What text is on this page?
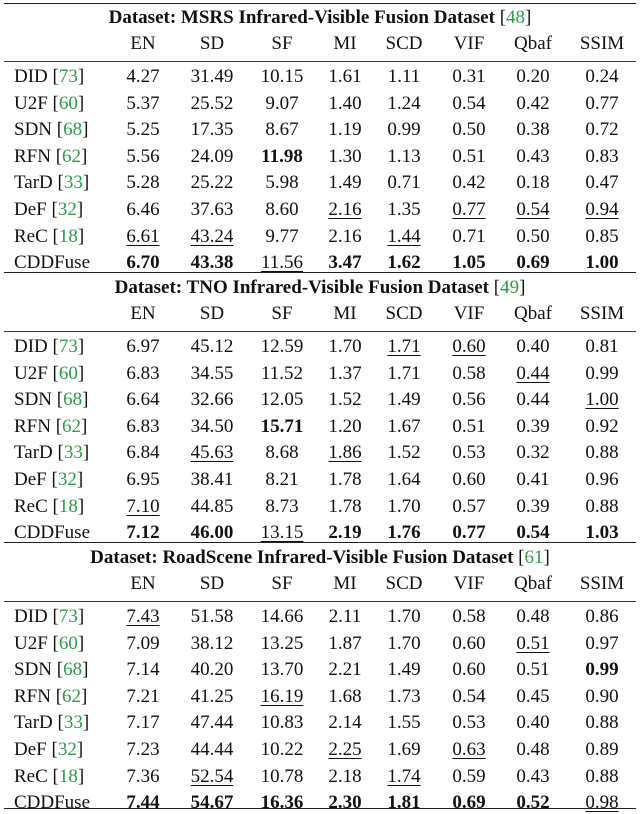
Dataset: MSRS Infrared-Visible Fusion Dataset [48]
EN	SD	SF	MI	SCD	VIF	Qbaf	SSIM
DID [73]	4.27	31.49	10.15	1.61	1.11	0.31	0.20	0.24
U2F [60]	5.37	25.52	9.07	1.40	1.24	0.54	0.42	0.77
SDN [68]	5.25	17.35	8.67	1.19	0.99	0.50	0.38	0.72
RFN [62]	5.56	24.09	11.98	1.30	1.13	0.51	0.43	0.83
TarD [33]	5.28	25.22	5.98	1.49	0.71	0.42	0.18	0.47
DeF [32]	6.46	37.63	8.60	2.16	1.35	0.77	0.54	0.94
ReC [18]	6.61	43.24	9.77	2.16	1.44	0.71	0.50	0.85
CDDFuse	6.70	43.38	11.56	3.47	1.62	1.05	0.69	1.00
Dataset: TNO Infrared-Visible Fusion Dataset [49]
EN	SD	SF	MI	SCD	VIF	Qbaf	SSIM
DID [73]	6.97	45.12	12.59	1.70	1.71	0.60	0.40	0.81
U2F [60]	6.83	34.55	11.52	1.37	1.71	0.58	0.44	0.99
SDN [68]	6.64	32.66	12.05	1.52	1.49	0.56	0.44	1.00
RFN [62]	6.83	34.50	15.71	1.20	1.67	0.51	0.39	0.92
TarD [33]	6.84	45.63	8.68	1.86	1.52	0.53	0.32	0.88
DeF [32]	6.95	38.41	8.21	1.78	1.64	0.60	0.41	0.96
ReC [18]	7.10	44.85	8.73	1.78	1.70	0.57	0.39	0.88
CDDFuse	7.12	46.00	13.15	2.19	1.76	0.77	0.54	1.03
Dataset: RoadScene Infrared-Visible Fusion Dataset [61]
EN	SD	SF	MI	SCD	VIF	Qbaf	SSIM
DID [73]	7.43	51.58	14.66	2.11	1.70	0.58	0.48	0.86
U2F [60]	7.09	38.12	13.25	1.87	1.70	0.60	0.51	0.97
SDN [68]	7.14	40.20	13.70	2.21	1.49	0.60	0.51	0.99
RFN [62]	7.21	41.25	16.19	1.68	1.73	0.54	0.45	0.90
TarD [33]	7.17	47.44	10.83	2.14	1.55	0.53	0.40	0.88
DeF [32]	7.23	44.44	10.22	2.25	1.69	0.63	0.48	0.89
ReC [18]	7.36	52.54	10.78	2.18	1.74	0.59	0.43	0.88
CDDFuse	7.44	54.67	16.36	2.30	1.81	0.69	0.52	0.98
